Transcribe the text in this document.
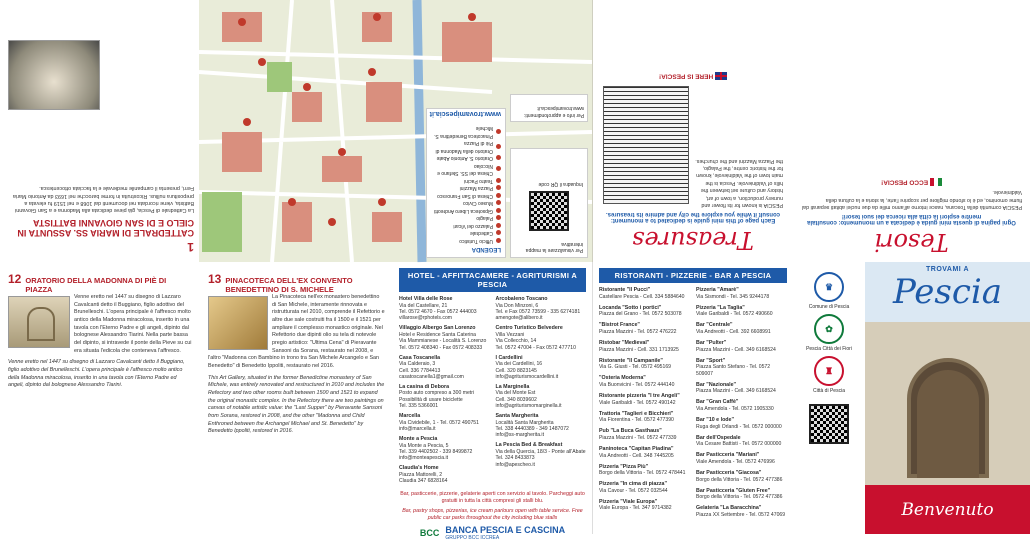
1
CATTEDRALE DI MARIA SS. ASSUNTA IN CIELO E DI SAN GIOVANNI BATTISTA
La Cattedrale di Pescia, già pieve dedicata alla Madonna e a San Giovanni Battista, viene ricordata nei documenti dal 1068 e nel 1519 fu elevata a prepositura nullius. Ricostruita in forme barocche nel 1693 da Antonio Maria Ferri, presenta il campanile medievale e la facciata ottocentesca.
12 ORATORIO DELLA MADONNA DI PIÈ DI PIAZZA
Venne eretto nel 1447 su disegno di Lazzaro Cavalcanti detto il Buggiano, figlio adottivo del Brunelleschi. L'opera principale è l'affresco molto antico della Madonna miracolosa, inserito in una tavola con l'Eterno Padre e gli angeli, dipinto dal bolognese Alessandro Tiarini. Nella parte bassa del dipinto, si intravede il ponte della Pieve su cui era situata l'edicola che conteneva l'affresco.
Venne eretto nel 1447 su disegno di Lazzaro Cavalcanti detto il Buggiano, figlio adottivo del Brunelleschi. L'opera principale è l'affresco molto antico della Madonna miracolosa, inserito in una tavola con l'Eterno Padre ed angeli, dipinto dal bolognese Alessandro Tiarini.
Per visualizzare la mappa interattiva
Inquadra il QR code
LEGENDA
Ufficio Turistico
Cattedrale
Palazzo dei Vicari
Palagio
Gipsoteca Libero Andreotti
Museo Civico
Chiesa di San Francesco
Piazza Mazzini
Teatro Pacini
Chiesa dei SS. Stefano e Niccolao
Oratorio S. Antonio Abate
Oratorio della Madonna di Piè di Piazza
Pinacoteca Benedettina S. Michele
www.trovamipescia.it	Per info e approfondimenti: www.trovamipescia.it
13 PINACOTECA DELL'EX CONVENTO BENEDETTINO DI S. MICHELE
La Pinacoteca nell'ex monastero benedettino di San Michele, interamente rinnovata e ristrutturata nel 2010, comprende il Refettorio e altre due sale costruiti fra il 1500 e il 1521 per ampliare il complesso monastico originale. Nel Refettorio due dipinti olio su tela di notevole pregio artistico: "Ultima Cena" di Pieravante Sansoni da Sorana, restaurato nel 2008, e l'altro "Madonna con Bambino in trono tra San Michele Arcangelo e San Benedetto" di Benedetto Ippoliti, restaurato nel 2016.
This Art Gallery, situated in the former Benedictine monastery of San Michele, was entirely renovated and restructured in 2010 and includes the Refectory and two other rooms built between 1500 and 1521 to expand the original monastic complex. In the Refectory there are two paintings on canvas of notable artistic value: the "Last Supper" by Pieravante Sansoni from Sorana, restored in 2008, and the other "Madonna and Child Enthroned between the Archangel Michael and St. Benedetto" by Benedetto Ippoliti, restored in 2016.
HOTEL - AFFITTACAMERE - AGRITURISMI A PESCIA
Hotel Villa delle Rose
Via del Castellare, 21
Tel. 0572 4670 - Fax 0572 444003
villarose@rphotels.com
Villaggio Albergo San Lorenzo
Hotel e Residence Santa Caterina
Via Mammianese - Località S. Lorenzo
Tel. 0572 408340 - Fax 0572 408333
Casa Toscanella
Via Calderaio, 3
Cell. 336 7784413
casatoscanella1@gmail.com
La casina di Debora
Posto auto compreso a 300 metri
Possibilità di usare biciclette
Tel. 335 5366001
Marcella
Via Cividebile, 1 - Tel. 0572 490751
info@marcella.it
Monte a Pescia
Via Monte a Pescia, 5
Tel. 339 4402502 - 339 8499872
info@monteapescia.it
Claudia's Home
Piazza Mattorelli, 2
Claudia 347 6828164
Arcobaleno Toscano
Via Don Minzoni, 6
Tel. e Fax 0572 73599 - 335 6274181
amengote@alibero.it
Centro Turistico Belvedere
Villa Vezzani
Via Collecchio, 14
Tel. 0572 47004 - Fax 0572 477710
I Cardellini
Via dei Cardellini, 16
Cell. 320 8823145
info@agriturismocardellini.it
La Marginella
Via del Monte Est
Cell. 340 8039602
info@agriturismomarginella.it
Santa Margherita
Località Santa Margherita
Tel. 338 4440389 - 349 1487072
info@ss-margherita.it
La Pescia Bed & Breakfast
Via della Quercia, 18/3 - Ponte all'Abate
Tel. 324 8433873
info@apescheo.it
Bar, pasticcerie, pizzerie, gelaterie aperti con servizio al tavolo. Parcheggi auto gratuiti in tutta la città compresi gli stalli blu.
Bar, pastry shops, pizzerias, ice cream parlours open with table service. Free public car parks throughout the city including blue stalls
BCC BANCA PESCIA E CASCINA
GRUPPO BCC ICCREA
Treasures
Each page of this mini guide is dedicated to a monument: consult it while you explore the city and admire its treasures.
PESCIA is known for its flower and nursery production, a town of art, history and culture set between the hills of Valdinievole. Pescia is the main town of the Valdinievole, known for the historic centre, the Palagio, the Piazza Mazzini and the churches.
HERE IS PESCIA!
RISTORANTI - PIZZERIE - BAR A PESCIA
Ristorante "Il Pucci"
Castellare Pescia - Cell. 334 5884640
Locanda "Sotto i portici"
Piazza del Grano - Tel. 0572 503078
"Bistrot France"
Piazza Mazzini - Tel. 0572 476222
Ristobar "Medieval"
Piazza Mazzini - Cell. 331 1713925
Ristorante "Il Campanile"
Via G. Giusti - Tel. 0572 495169
"Osteria Moderna"
Via Buonvicini - Tel. 0572 444140
Ristorante pizzeria "I tre Angeli"
Viale Garibaldi - Tel. 0572 490142
Trattoria "Taglieri e Bicchieri"
Via Fiorentina - Tel. 0572 477390
Pub "La Buca Gasthaus"
Piazza Mazzini - Tel. 0572 477339
Paninoteca "Capitan Piadina"
Via Andreotti - Cell. 348 7445205
Pizzeria "Pizza Più"
Borgo della Vittoria - Tel. 0572 478441
Pizzeria "In cima di piazza"
Via Cavour - Tel. 0572 032544
Pizzeria "Viale Europa"
Viale Europa - Tel. 347 9714382
Pizzeria "Amarè"
Via Sismondi - Tel. 345 9244178
Pizzeria "La Taglia"
Viale Garibaldi - Tel. 0572 490660
Bar "Centrale"
Via Andreotti - Cell. 392 6608991
Bar "Pulter"
Piazza Mazzini - Cell. 349 6168524
Bar "Sport"
Piazza Santo Stefano - Tel. 0572 509007
Bar "Nazionale"
Piazza Mazzini - Cell. 349 6168524
Bar "Gran Caffè"
Via Amendola - Tel. 0572 1905330
Bar "10 e lode"
Ruga degli Orlandi - Tel. 0572 000000
Bar dell'Ospedale
Via Cesare Battisti - Tel. 0572 000000
Bar Pasticceria "Mariani"
Viale Amendola - Tel. 0572 476996
Bar Pasticceria "Giacosa"
Borgo della Vittoria - Tel. 0572 477386
Bar Pasticceria "Gluten Free"
Borgo della Vittoria - Tel. 0572 477386
Gelateria "La Baracchina"
Piazza XX Settembre - Tel. 0572 47069
Tesori
Ogni pagina di questa mini guida è dedicata a un monumento: consultala mentre esplori la città alla ricerca dei suoi tesori!
PESCIA comunità della Toscana, nasce intorno all'anno mille da due nuclei abitati separati dal fiume omonimo, ed è lo sfondo migliore per scoprire l'arte, la storia e la cultura della Valdinievole.
ECCO PESCIA!
♛
Comune di Pescia
✿
Pescia Città dei Fiori
♜
Città di Pescia
TROVAMI A
Pescia
Benvenuto
